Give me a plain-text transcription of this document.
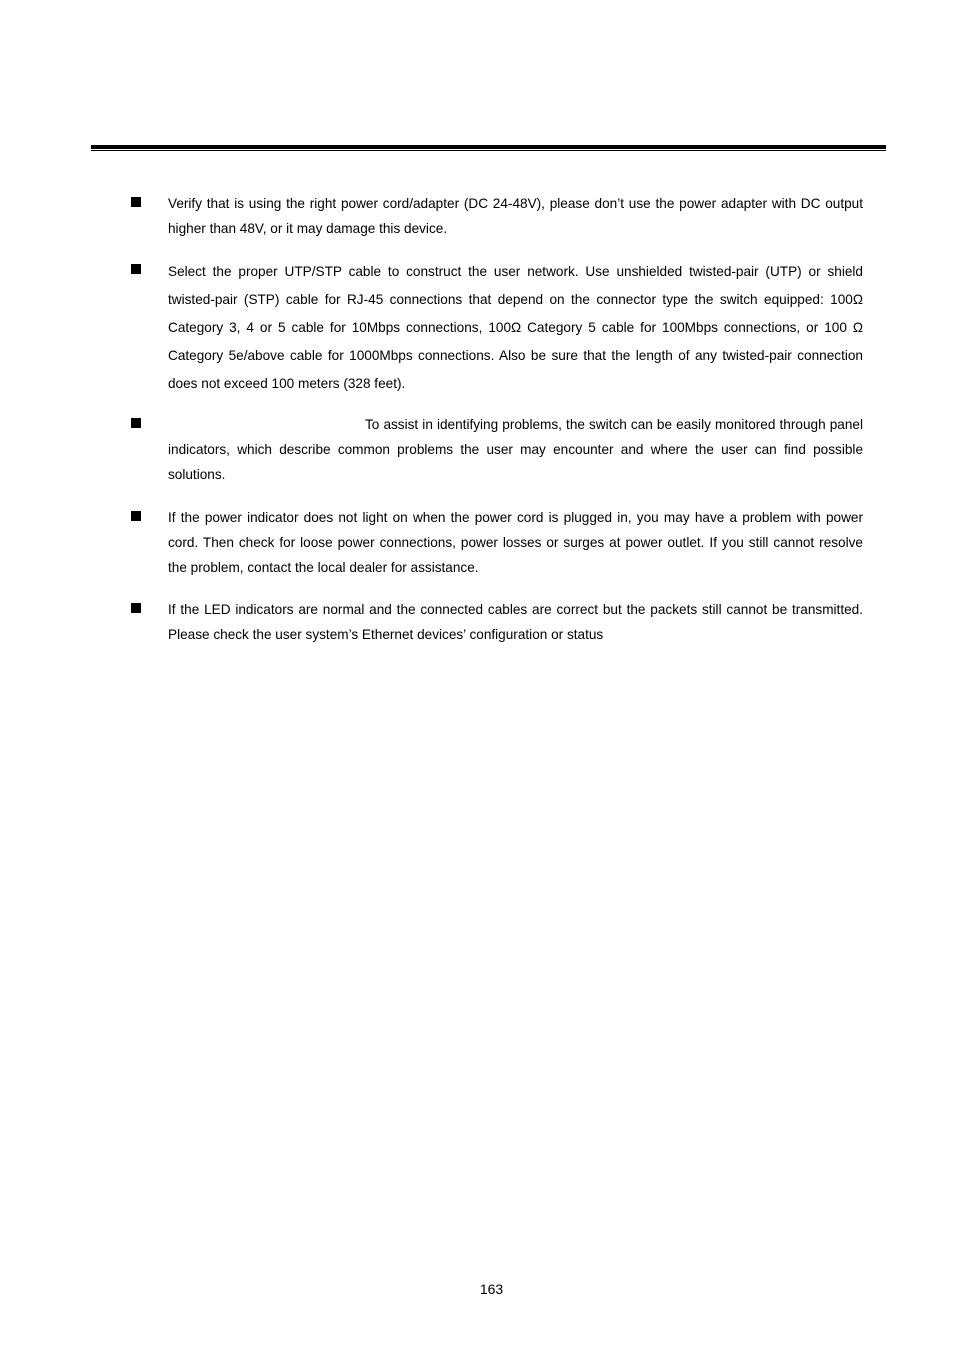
Verify that is using the right power cord/adapter (DC 24-48V), please don’t use the power adapter with DC output higher than 48V, or it may damage this device.

Select the proper UTP/STP cable to construct the user network. Use unshielded twisted-pair (UTP) or shield twisted-pair (STP) cable for RJ-45 connections that depend on the connector type the switch equipped: 100Ω Category 3, 4 or 5 cable for 10Mbps connections, 100Ω Category 5 cable for 100Mbps connections, or 100 Ω Category 5e/above cable for 1000Mbps connections. Also be sure that the length of any twisted-pair connection does not exceed 100 meters (328 feet).

To assist in identifying problems, the switch can be easily monitored through panel indicators, which describe common problems the user may encounter and where the user can find possible solutions.

If the power indicator does not light on when the power cord is plugged in, you may have a problem with power cord. Then check for loose power connections, power losses or surges at power outlet. If you still cannot resolve the problem, contact the local dealer for assistance.

If the LED indicators are normal and the connected cables are correct but the packets still cannot be transmitted. Please check the user system’s Ethernet devices’ configuration or status

163
